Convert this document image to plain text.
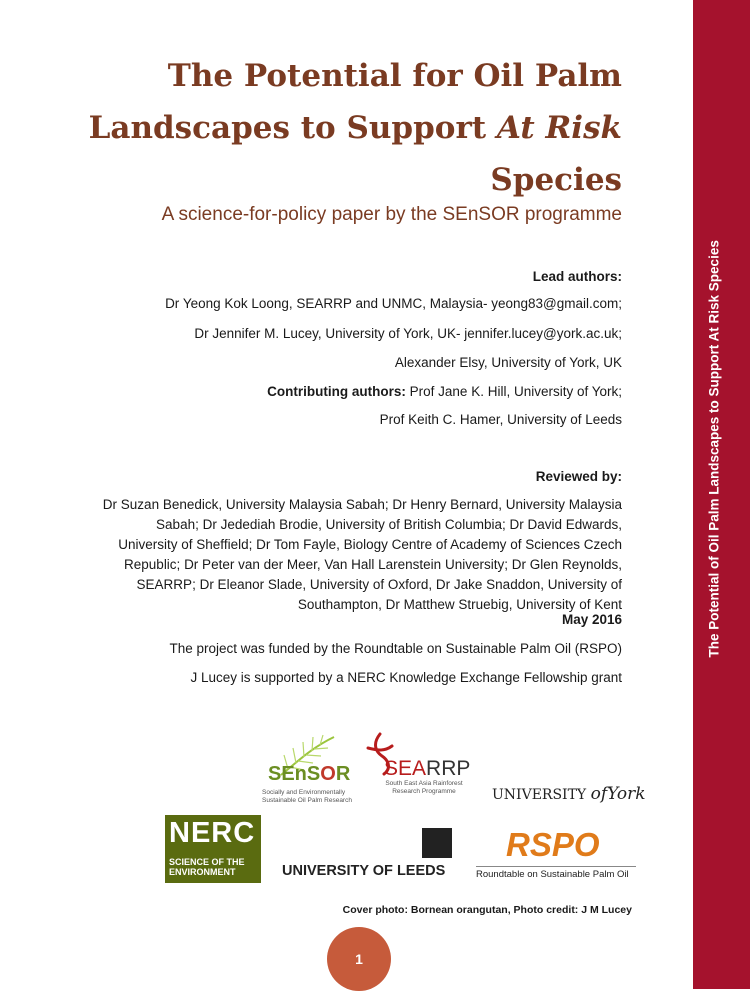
The Potential of Oil Palm Landscapes to Support At Risk Species
The Potential for Oil Palm
Landscapes to Support At Risk
Species

A science-for-policy paper by the SEnSOR programme

Lead authors:
Dr Yeong Kok Loong, SEARRP and UNMC, Malaysia- yeong83@gmail.com;
Dr Jennifer M. Lucey, University of York, UK- jennifer.lucey@york.ac.uk;
Alexander Elsy, University of York, UK
Contributing authors: Prof Jane K. Hill, University of York;
Prof Keith C. Hamer, University of Leeds
Reviewed by:

Dr Suzan Benedick, University Malaysia Sabah; Dr Henry Bernard, University Malaysia Sabah; Dr Jedediah Brodie, University of British Columbia; Dr David Edwards, University of Sheffield; Dr Tom Fayle, Biology Centre of Academy of Sciences Czech Republic; Dr Peter van der Meer, Van Hall Larenstein University; Dr Glen Reynolds, SEARRP; Dr Eleanor Slade, University of Oxford, Dr Jake Snaddon, University of Southampton, Dr Matthew Struebig, University of Kent

May 2016
The project was funded by the Roundtable on Sustainable Palm Oil (RSPO)
J Lucey is supported by a NERC Knowledge Exchange Fellowship grant
SEnSOR
Socially and Environmentally Sustainable Oil Palm Research
SEARRP
South East Asia Rainforest Research Programme	UNIVERSITY ofYork
NERC
SCIENCE OF THE
ENVIRONMENT	UNIVERSITY OF LEEDS
RSPO
Roundtable on Sustainable Palm Oil
Cover photo: Bornean orangutan, Photo credit: J M Lucey
1
